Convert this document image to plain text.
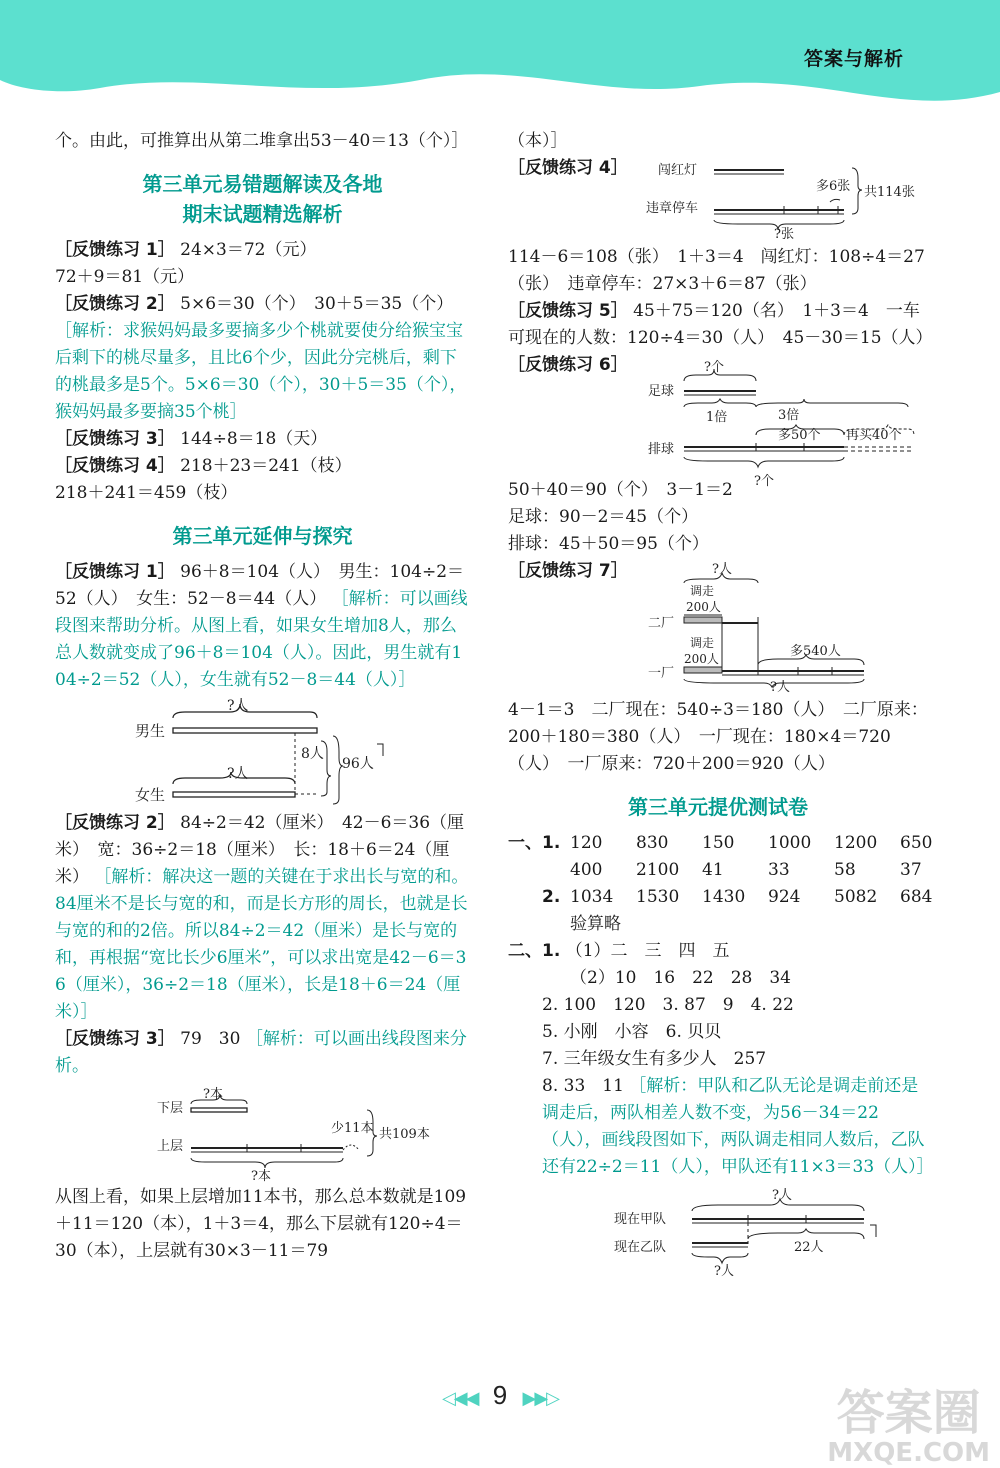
答案与解析

个。由此，可推算出从第二堆拿出53－40＝13（个）］

第三单元易错题解读及各地
期末试题精选解析

［反馈练习 1］ 24×3＝72（元）

72＋9＝81（元）

［反馈练习 2］ 5×6＝30（个）　30＋5＝35（个） ［解析：求猴妈妈最多要摘多少个桃就要使分给猴宝宝后剩下的桃尽量多，且比6个少，因此分完桃后，剩下的桃最多是5个。5×6＝30（个），30＋5＝35（个），猴妈妈最多要摘35个桃］

［反馈练习 3］ 144÷8＝18（天）

［反馈练习 4］ 218＋23＝241（枝）

218＋241＝459（枝）

第三单元延伸与探究

［反馈练习 1］ 96＋8＝104（人）　男生：104÷2＝52（人）　女生：52－8＝44（人） ［解析：可以画线段图来帮助分析。从图上看，如果女生增加8人，那么总人数就变成了96＋8＝104（人）。因此，男生就有104÷2＝52（人），女生就有52－8＝44（人）］

男生
女生
?人
?人
8人
96人

［反馈练习 2］ 84÷2＝42（厘米）　42－6＝36（厘米）　宽：36÷2＝18（厘米）　长：18＋6＝24（厘米） ［解析：解决这一题的关键在于求出长与宽的和。84厘米不是长与宽的和，而是长方形的周长，也就是长与宽的和的2倍。所以84÷2＝42（厘米）是长与宽的和，再根据“宽比长少6厘米”，可以求出宽是42－6＝36（厘米），36÷2＝18（厘米），长是18＋6＝24（厘米）］

［反馈练习 3］ 79　30 ［解析：可以画出线段图来分析。

下层
上层
?本
?本
少11本 共109本

从图上看，如果上层增加11本书，那么总本数就是109＋11＝120（本），1＋3＝4，那么下层就有120÷4＝30（本），上层就有30×3－11＝79

（本）］

［反馈练习 4］	闯红灯
违章停车
多6张 共114张
?张

114－6＝108（张）　1＋3＝4　闯红灯：108÷4＝27（张）　违章停车：27×3＋6＝87（张）

［反馈练习 5］ 45＋75＝120（名）　1＋3＝4　一车可现在的人数：120÷4＝30（人）　45－30＝15（人）

［反馈练习 6］	?个
足球
1倍	3倍
多50个 再买40个
排球
?个

50＋40＝90（个）　3－1＝2

足球：90－2＝45（个）

排球：45＋50＝95（个）

［反馈练习 7］	?人
调走
200人
二厂
调走
200人	多540人
一厂
?人

4－1＝3　二厂现在：540÷3＝180（人）　二厂原来：200＋180＝380（人）　一厂现在：180×4＝720（人）　一厂原来：720＋200＝920（人）

第三单元提优测试卷

一、1. 120 830 150 1000 1200 650

400 2100 41	33	58	37

2. 1034 1530 1430 924 5082 684

验算略

二、1. （1）二　三　四　五

（2）10　16　22　28　34

2. 100　120　3. 87　9　4. 22

5. 小刚　小容　6. 贝贝

7. 三年级女生有多少人　257

8. 33　11 ［解析：甲队和乙队无论是调走前还是调走后，两队相差人数不变，为56－34＝22（人），画线段图如下，两队调走相同人数后，乙队还有22÷2＝11（人），甲队还有11×3＝33（人）］

?人
现在甲队
现在乙队	22人
?人
◁◀◀ 9 ▶▶▷	答案圈
MXQE.COM
